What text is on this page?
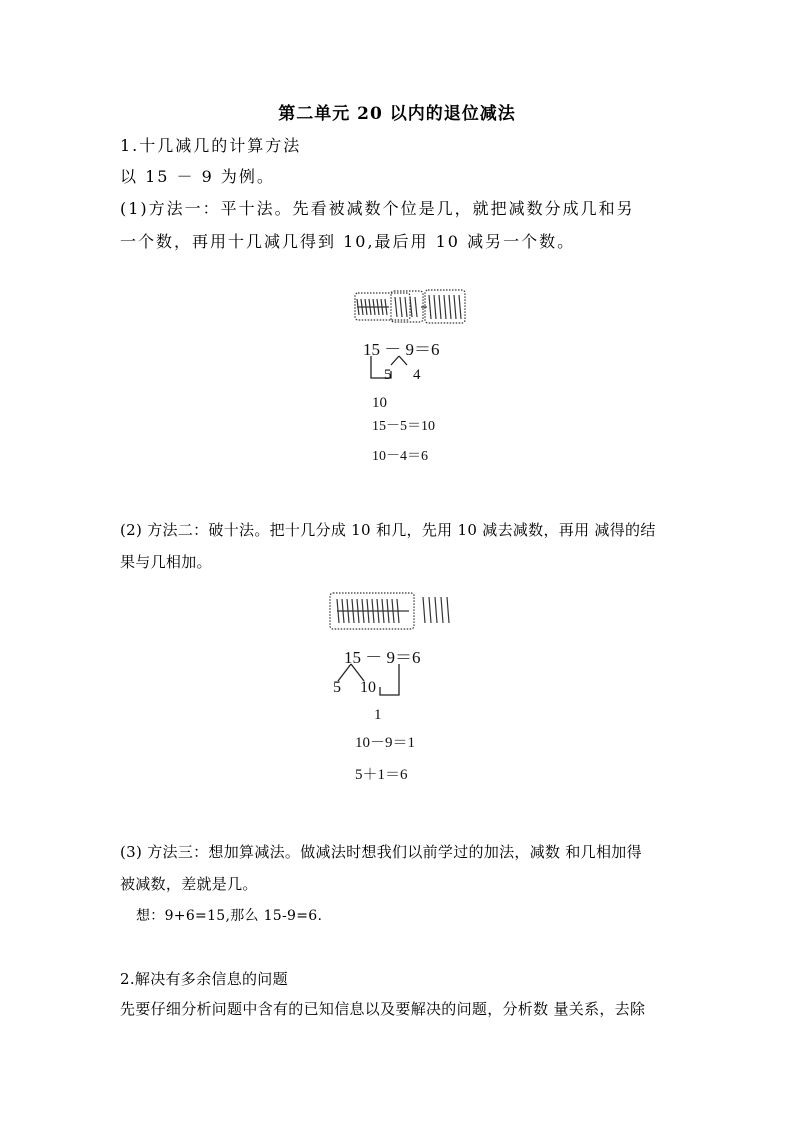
第二单元 20 以内的退位减法
1.十几减几的计算方法
以 15 － 9 为例。
(1)方法一：平十法。先看被减数个位是几，就把减数分成几和另
一个数，再用十几减几得到 10,最后用 10 减另一个数。
15 － 9＝6
5 4
10
15－5＝10
10－4＝6
(2) 方法二：破十法。把十几分成 10 和几，先用 10 减去减数，再用 减得的结
果与几相加。
15 － 9＝6
5 10
1
10－9＝1
5＋1＝6
(3) 方法三：想加算减法。做减法时想我们以前学过的加法，减数 和几相加得
被减数，差就是几。
想：9+6=15,那么 15-9=6.
2.解决有多余信息的问题
先要仔细分析问题中含有的已知信息以及要解决的问题，分析数 量关系，去除
